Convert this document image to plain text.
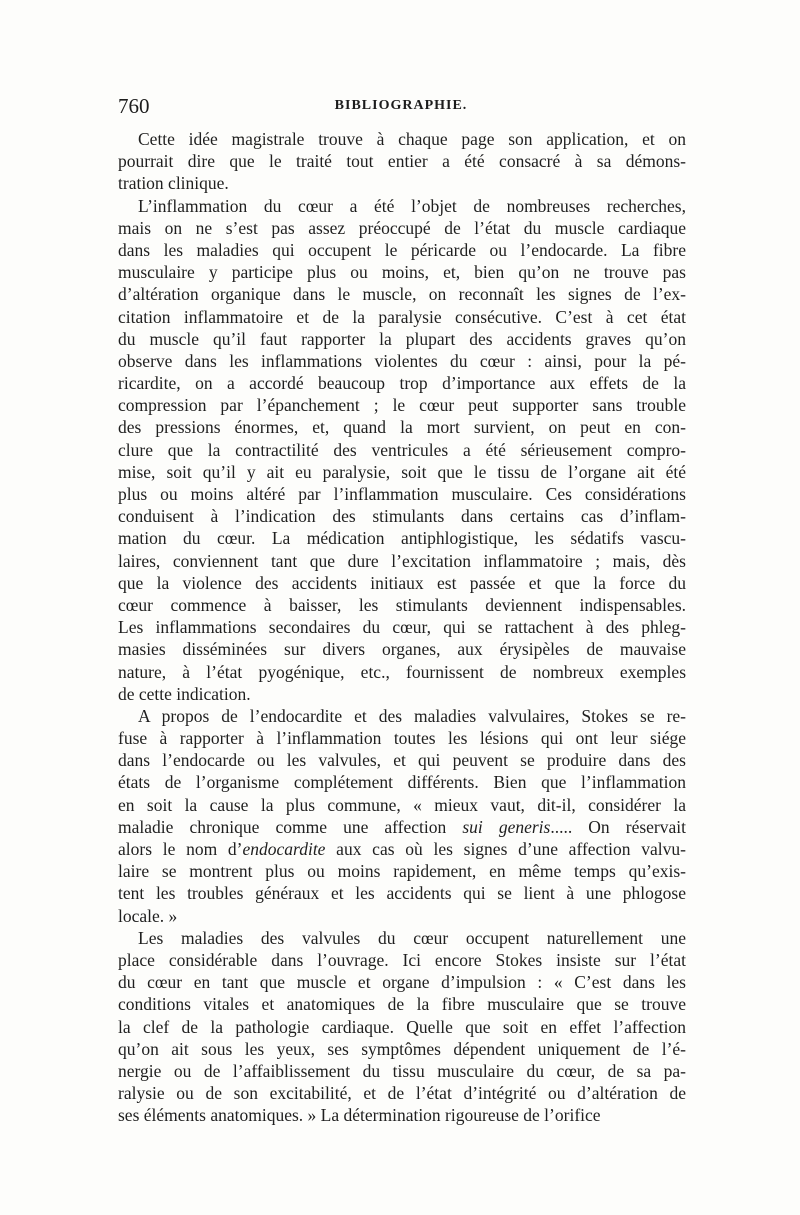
760	BIBLIOGRAPHIE.
Cette idée magistrale trouve à chaque page son application, et on
pourrait dire que le traité tout entier a été consacré à sa démons-
tration clinique.
L’inflammation du cœur a été l’objet de nombreuses recherches,
mais on ne s’est pas assez préoccupé de l’état du muscle cardiaque
dans les maladies qui occupent le péricarde ou l’endocarde. La fibre
musculaire y participe plus ou moins, et, bien qu’on ne trouve pas
d’altération organique dans le muscle, on reconnaît les signes de l’ex-
citation inflammatoire et de la paralysie consécutive. C’est à cet état
du muscle qu’il faut rapporter la plupart des accidents graves qu’on
observe dans les inflammations violentes du cœur : ainsi, pour la pé-
ricardite, on a accordé beaucoup trop d’importance aux effets de la
compression par l’épanchement ; le cœur peut supporter sans trouble
des pressions énormes, et, quand la mort survient, on peut en con-
clure que la contractilité des ventricules a été sérieusement compro-
mise, soit qu’il y ait eu paralysie, soit que le tissu de l’organe ait été
plus ou moins altéré par l’inflammation musculaire. Ces considérations
conduisent à l’indication des stimulants dans certains cas d’inflam-
mation du cœur. La médication antiphlogistique, les sédatifs vascu-
laires, conviennent tant que dure l’excitation inflammatoire ; mais, dès
que la violence des accidents initiaux est passée et que la force du
cœur commence à baisser, les stimulants deviennent indispensables.
Les inflammations secondaires du cœur, qui se rattachent à des phleg-
masies disséminées sur divers organes, aux érysipèles de mauvaise
nature, à l’état pyogénique, etc., fournissent de nombreux exemples
de cette indication.
A propos de l’endocardite et des maladies valvulaires, Stokes se re-
fuse à rapporter à l’inflammation toutes les lésions qui ont leur siége
dans l’endocarde ou les valvules, et qui peuvent se produire dans des
états de l’organisme complétement différents. Bien que l’inflammation
en soit la cause la plus commune, « mieux vaut, dit-il, considérer la
maladie chronique comme une affection sui generis..... On réservait
alors le nom d’endocardite aux cas où les signes d’une affection valvu-
laire se montrent plus ou moins rapidement, en même temps qu’exis-
tent les troubles généraux et les accidents qui se lient à une phlogose
locale. »
Les maladies des valvules du cœur occupent naturellement une
place considérable dans l’ouvrage. Ici encore Stokes insiste sur l’état
du cœur en tant que muscle et organe d’impulsion : « C’est dans les
conditions vitales et anatomiques de la fibre musculaire que se trouve
la clef de la pathologie cardiaque. Quelle que soit en effet l’affection
qu’on ait sous les yeux, ses symptômes dépendent uniquement de l’é-
nergie ou de l’affaiblissement du tissu musculaire du cœur, de sa pa-
ralysie ou de son excitabilité, et de l’état d’intégrité ou d’altération de
ses éléments anatomiques. » La détermination rigoureuse de l’orifice
